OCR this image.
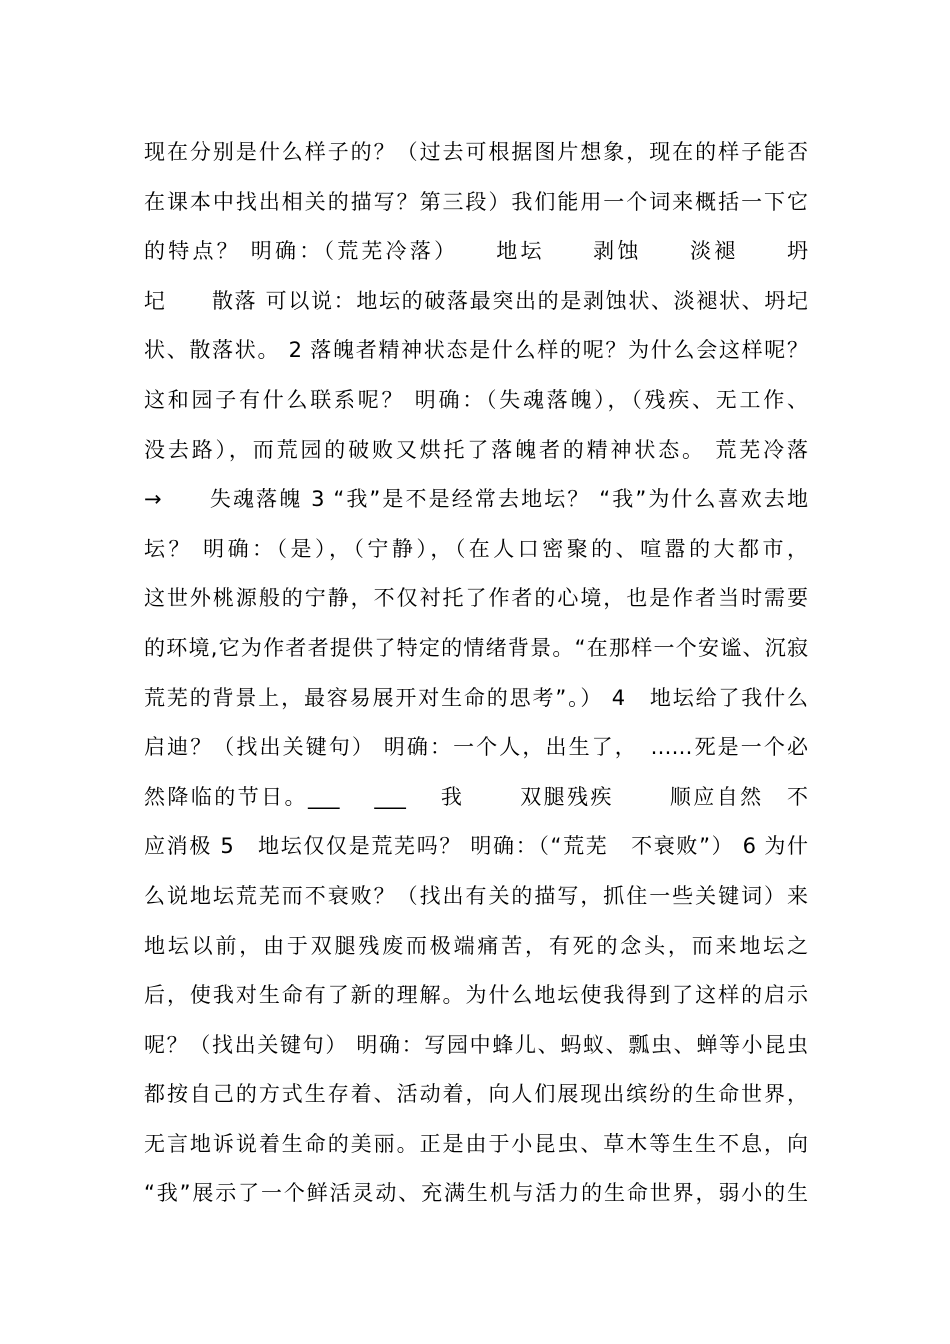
现在分别是什么样子的？（过去可根据图片想象，现在的样子能否
在课本中找出相关的描写？第三段）我们能用一个词来概括一下它
的特点？ 明确：（荒芜冷落）　　地坛　　剥蚀　　淡褪　　坍
圮　　散落 可以说：地坛的破落最突出的是剥蚀状、淡褪状、坍圮
状、散落状。 2 落魄者精神状态是什么样的呢？为什么会这样呢？
这和园子有什么联系呢？ 明确：（失魂落魄），（残疾、无工作、
没去路），而荒园的破败又烘托了落魄者的精神状态。 荒芜冷落
→　　失魂落魄 3 “我”是不是经常去地坛？ “我”为什么喜欢去地
坛？ 明确：（是），（宁静），（在人口密聚的、喧嚣的大都市，
这世外桃源般的宁静，不仅衬托了作者的心境，也是作者当时需要
的环境,它为作者者提供了特定的情绪背景。“在那样一个安谧、沉寂
荒芜的背景上，最容易展开对生命的思考”。） 4　地坛给了我什么
启迪？（找出关键句） 明确：一个人，出生了，　……死是一个必
然降临的节日。___　 ___　 我　　 双腿残疾　　 顺应自然　不
应消极 5　地坛仅仅是荒芜吗？ 明确：（“荒芜　不衰败”） 6 为什
么说地坛荒芜而不衰败？（找出有关的描写，抓住一些关键词）来
地坛以前，由于双腿残废而极端痛苦，有死的念头，而来地坛之
后，使我对生命有了新的理解。为什么地坛使我得到了这样的启示
呢？（找出关键句） 明确：写园中蜂儿、蚂蚁、瓢虫、蝉等小昆虫
都按自己的方式生存着、活动着，向人们展现出缤纷的生命世界，
无言地诉说着生命的美丽。正是由于小昆虫、草木等生生不息，向
“我”展示了一个鲜活灵动、充满生机与活力的生命世界，弱小的生
